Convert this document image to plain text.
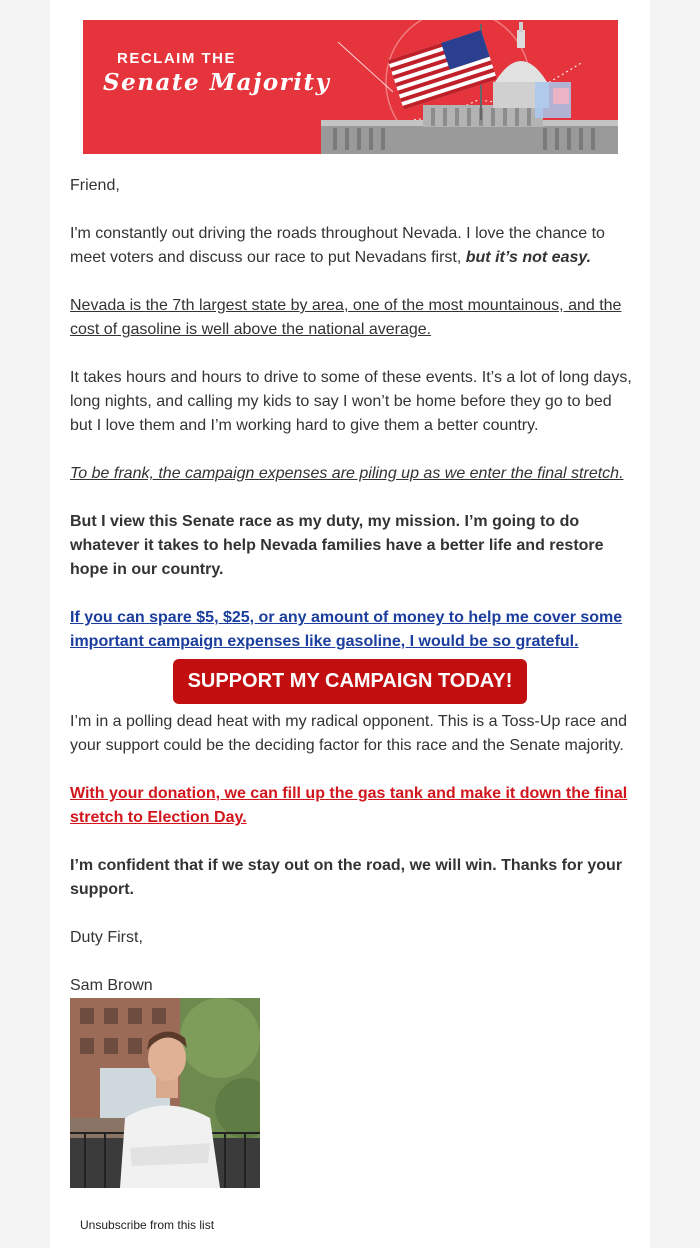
RECLAIM THE
Senate Majority

Friend,

I'm constantly out driving the roads throughout Nevada. I love the chance to meet voters and discuss our race to put Nevadans first, but it’s not easy.

Nevada is the 7th largest state by area, one of the most mountainous, and the cost of gasoline is well above the national average.

It takes hours and hours to drive to some of these events. It’s a lot of long days, long nights, and calling my kids to say I won’t be home before they go to bed but I love them and I’m working hard to give them a better country.

To be frank, the campaign expenses are piling up as we enter the final stretch.

But I view this Senate race as my duty, my mission. I’m going to do whatever it takes to help Nevada families have a better life and restore hope in our country.

If you can spare $5, $25, or any amount of money to help me cover some important campaign expenses like gasoline, I would be so grateful.

SUPPORT MY CAMPAIGN TODAY!

I’m in a polling dead heat with my radical opponent. This is a Toss-Up race and your support could be the deciding factor for this race and the Senate majority.

With your donation, we can fill up the gas tank and make it down the final stretch to Election Day.

I’m confident that if we stay out on the road, we will win. Thanks for your support.

Duty First,

Sam Brown

Unsubscribe from this list
